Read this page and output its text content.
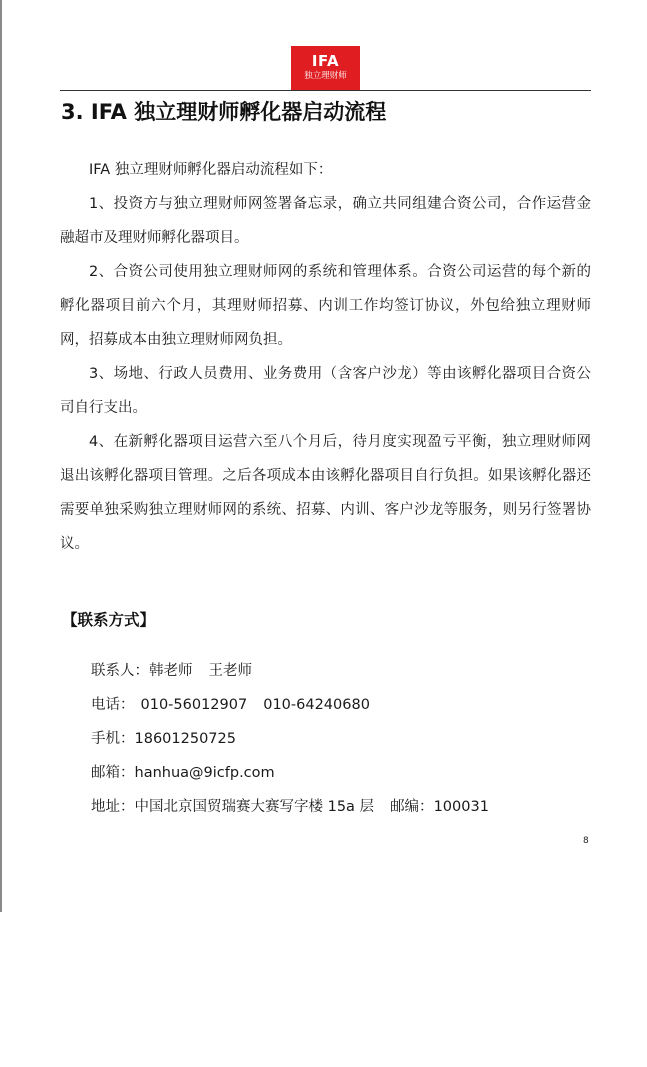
IFA
独立理财师
3. IFA 独立理财师孵化器启动流程

IFA 独立理财师孵化器启动流程如下：

1、投资方与独立理财师网签署备忘录，确立共同组建合资公司，合作运营金融超市及理财师孵化器项目。

2、合资公司使用独立理财师网的系统和管理体系。合资公司运营的每个新的孵化器项目前六个月，其理财师招募、内训工作均签订协议，外包给独立理财师网，招募成本由独立理财师网负担。

3、场地、行政人员费用、业务费用（含客户沙龙）等由该孵化器项目合资公司自行支出。

4、在新孵化器项目运营六至八个月后，待月度实现盈亏平衡，独立理财师网退出该孵化器项目管理。之后各项成本由该孵化器项目自行负担。如果该孵化器还需要单独采购独立理财师网的系统、招募、内训、客户沙龙等服务，则另行签署协议。

【联系方式】
联系人：韩老师 王老师
电话： 010-56012907 010-64240680
手机：18601250725
邮箱：hanhua@9icfp.com
地址：中国北京国贸瑞赛大赛写字楼 15a 层 邮编：100031
8
